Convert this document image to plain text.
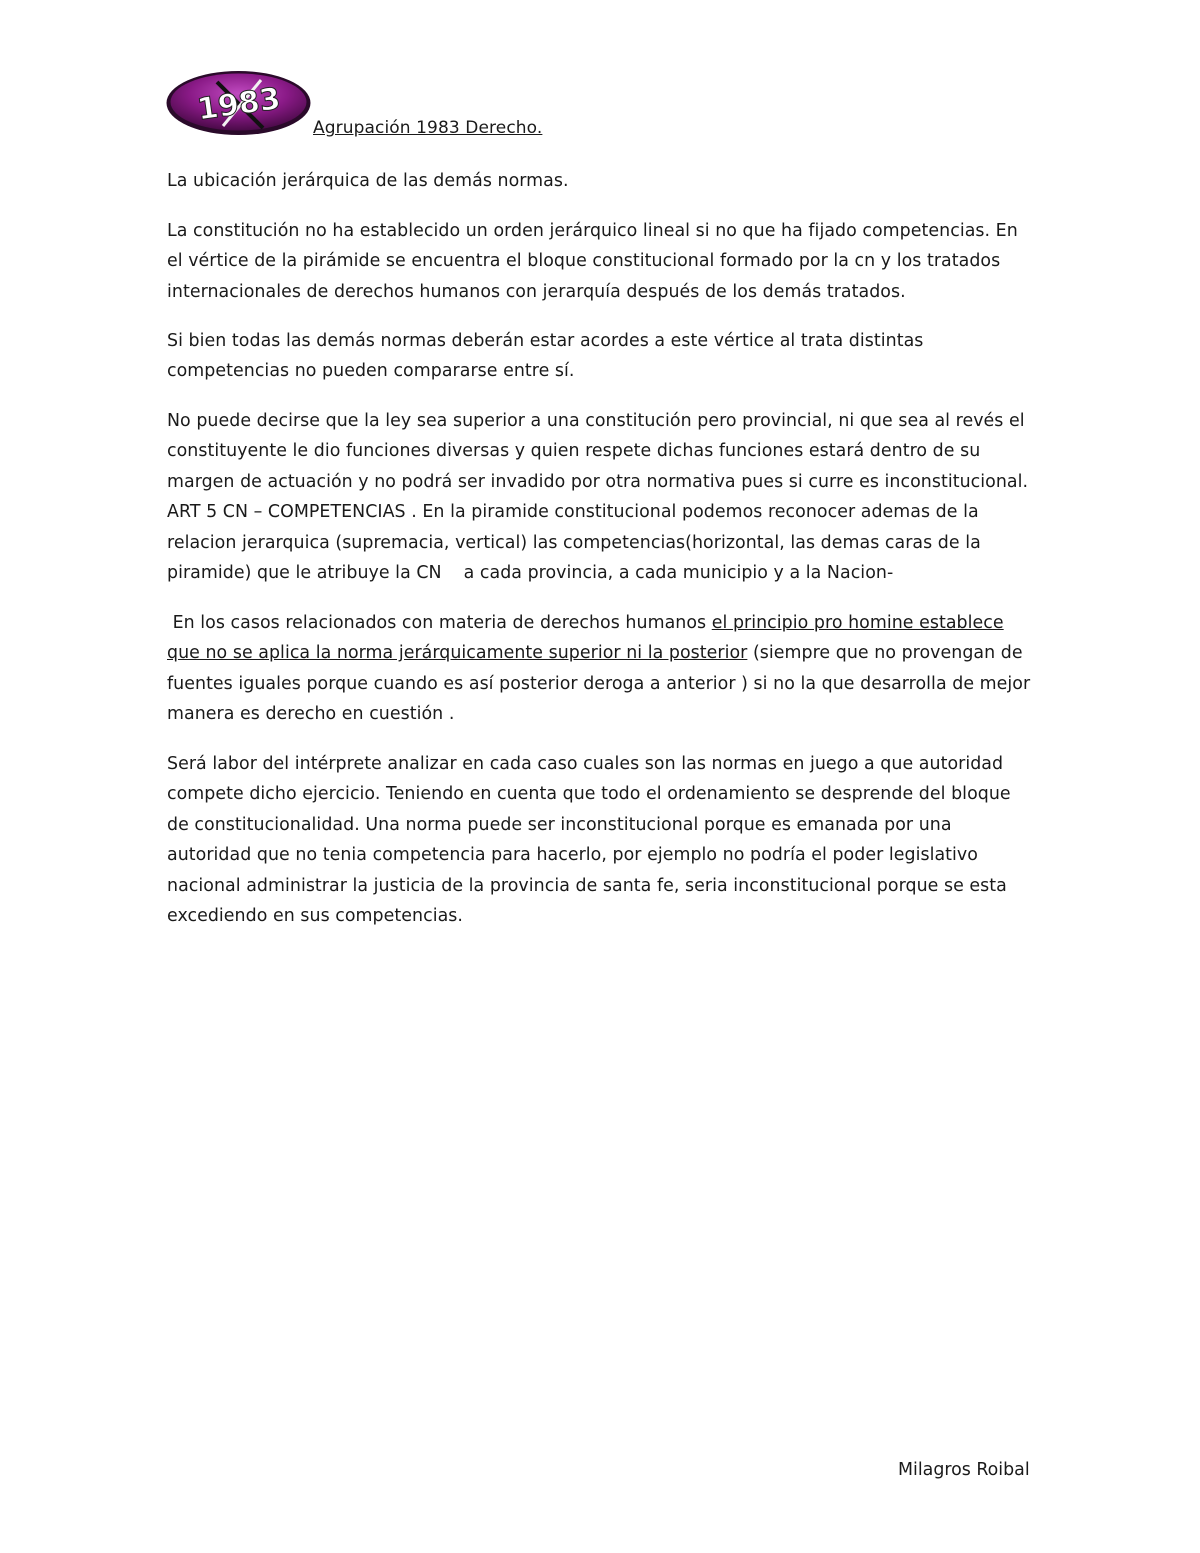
1983
Agrupación 1983 Derecho.
La ubicación jerárquica de las demás normas.
La constitución no ha establecido un orden jerárquico lineal si no que ha fijado competencias. En
el vértice de la pirámide se encuentra el bloque constitucional formado por la cn y los tratados
internacionales de derechos humanos con jerarquía después de los demás tratados.
Si bien todas las demás normas deberán estar acordes a este vértice al trata distintas
competencias no pueden compararse entre sí.
No puede decirse que la ley sea superior a una constitución pero provincial, ni que sea al revés el
constituyente le dio funciones diversas y quien respete dichas funciones estará dentro de su
margen de actuación y no podrá ser invadido por otra normativa pues si curre es inconstitucional.
ART 5 CN – COMPETENCIAS . En la piramide constitucional podemos reconocer ademas de la
relacion jerarquica (supremacia, vertical) las competencias(horizontal, las demas caras de la
piramide) que le atribuye la CN a cada provincia, a cada municipio y a la Nacion-
En los casos relacionados con materia de derechos humanos el principio pro homine establece
que no se aplica la norma jerárquicamente superior ni la posterior (siempre que no provengan de
fuentes iguales porque cuando es así posterior deroga a anterior ) si no la que desarrolla de mejor
manera es derecho en cuestión .
Será labor del intérprete analizar en cada caso cuales son las normas en juego a que autoridad
compete dicho ejercicio. Teniendo en cuenta que todo el ordenamiento se desprende del bloque
de constitucionalidad. Una norma puede ser inconstitucional porque es emanada por una
autoridad que no tenia competencia para hacerlo, por ejemplo no podría el poder legislativo
nacional administrar la justicia de la provincia de santa fe, seria inconstitucional porque se esta
excediendo en sus competencias.
Milagros Roibal
